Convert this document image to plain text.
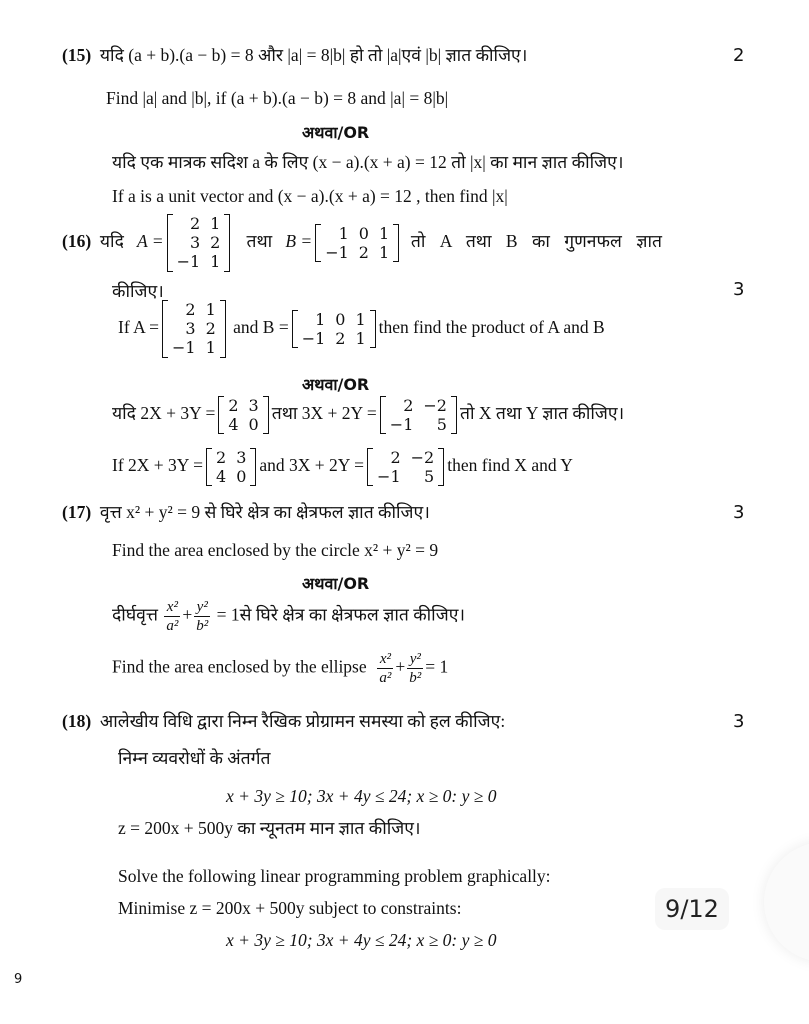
(15) यदि (a + b).(a − b) = 8 और |a| = 8|b| हो तो |a|एवं |b| ज्ञात कीजिए।	2
Find |a| and |b|, if (a + b).(a − b) = 8 and |a| = 8|b|
अथवा/OR
यदि एक मात्रक सदिश a के लिए (x − a).(x + a) = 12 तो |x| का मान ज्ञात कीजिए।
If a is a unit vector and (x − a).(x + a) = 12 , then find |x|
(16) यदि A =
2	1
3	2
−1	1
तथा B = 1	0	1
−1	2	1
तो A तथा B का गुणनफल ज्ञात
कीजिए।	3
If A =
2	1
3	2
−1	1
and B = 1	0	1
−1	2	1
then find the product of A and B
अथवा/OR
यदि 2X + 3Y = 2	3
4	0
तथा 3X + 2Y = 2	−2
−1	5
तो X तथा Y ज्ञात कीजिए।
If 2X + 3Y = 2	3
4	0
and 3X + 2Y = 2	−2
−1	5
then find X and Y
(17) वृत्त x² + y² = 9 से घिरे क्षेत्र का क्षेत्रफल ज्ञात कीजिए।	3
Find the area enclosed by the circle x² + y² = 9
अथवा/OR
दीर्घवृत्त $\frac{\text{x²}}{\text{a²}} + \frac{\text{y²}}{\text{b²}}$ = 1से घिरे क्षेत्र का क्षेत्रफल ज्ञात कीजिए।
Find the area enclosed by the ellipse $\frac{\text{x²}}{\text{a²}} + \frac{\text{y²}}{\text{b²}} = 1$
(18) आलेखीय विधि द्वारा निम्न रैखिक प्रोग्रामन समस्या को हल कीजिए:	3
निम्न व्यवरोधों के अंतर्गत
x + 3y ≥ 10; 3x + 4y ≤ 24; x ≥ 0: y ≥ 0
z = 200x + 500y का न्यूनतम मान ज्ञात कीजिए।
Solve the following linear programming problem graphically:
Minimise z = 200x + 500y subject to constraints:
x + 3y ≥ 10; 3x + 4y ≤ 24; x ≥ 0: y ≥ 0
9/12
9
